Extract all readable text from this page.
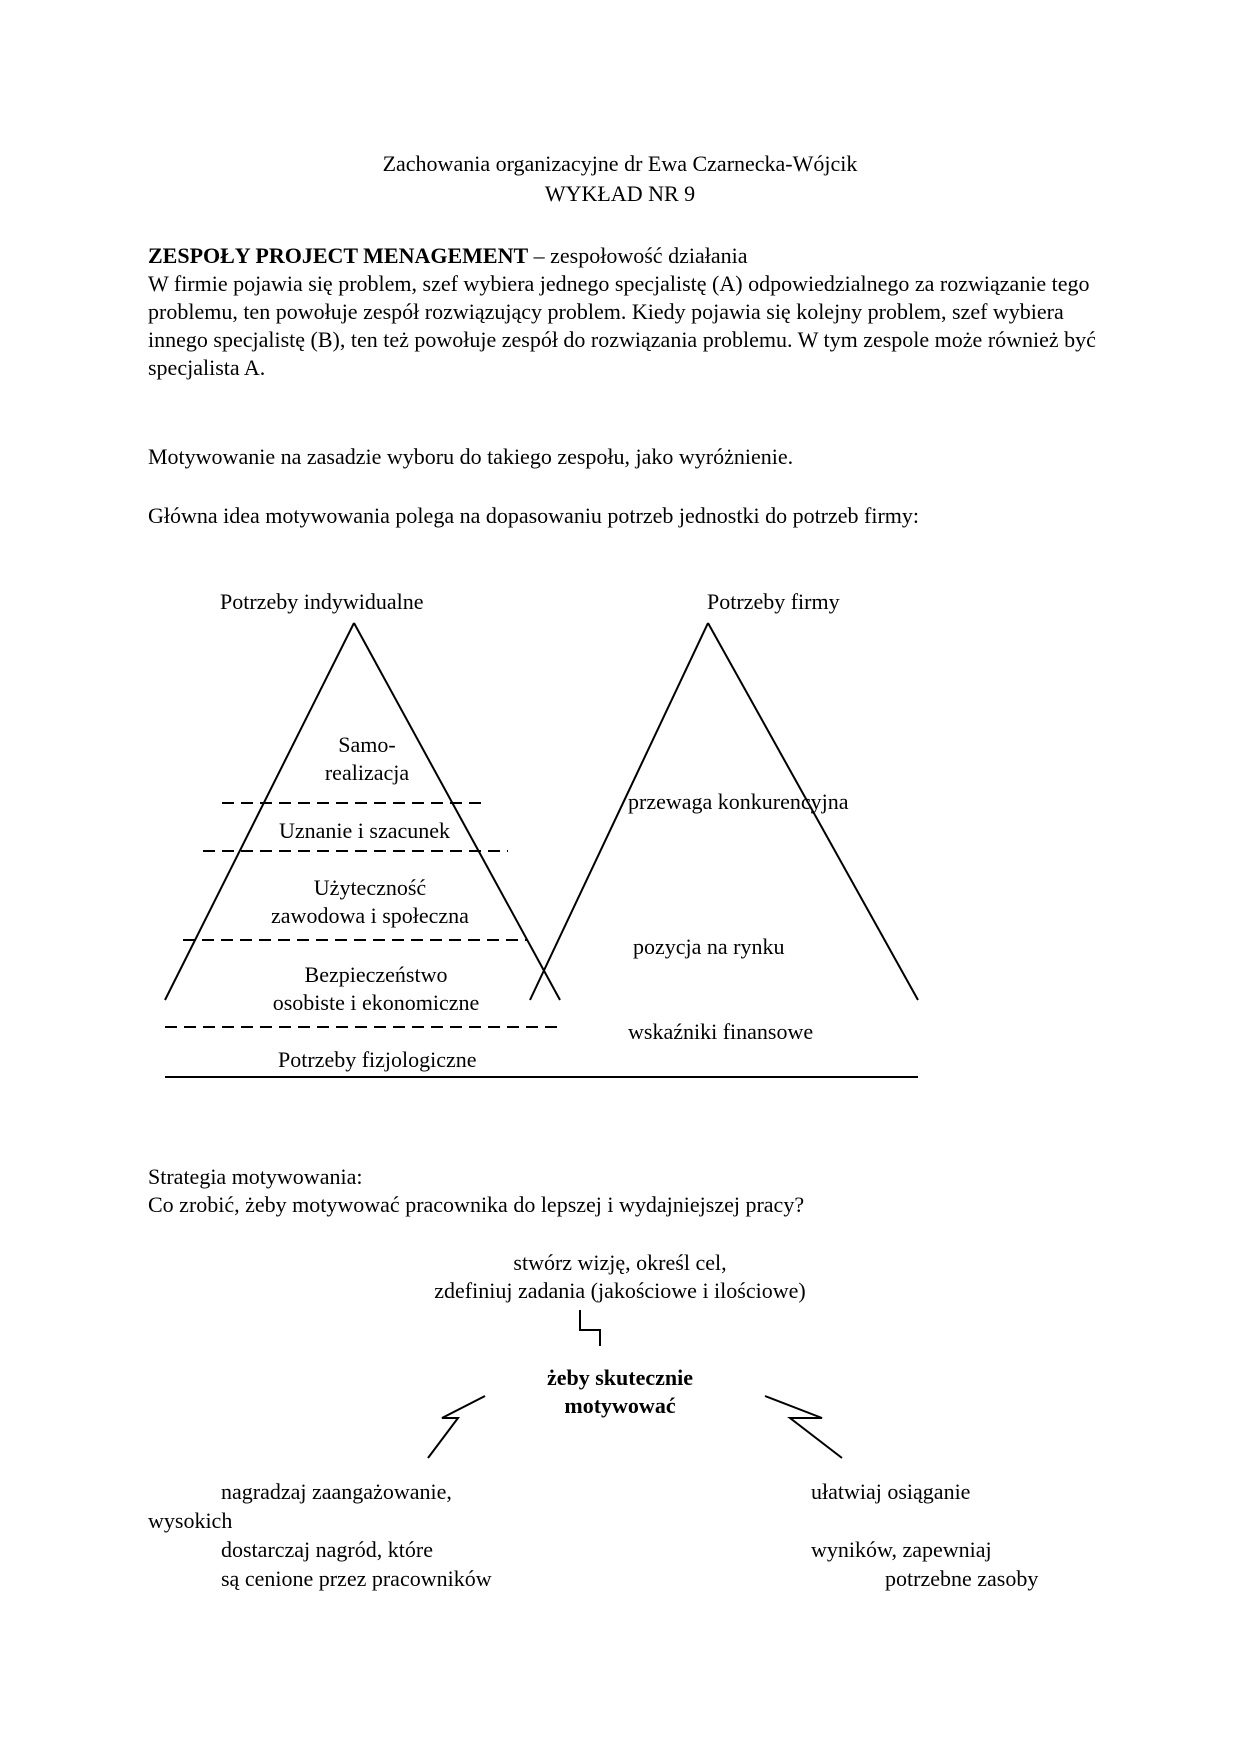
Zachowania organizacyjne dr Ewa Czarnecka-Wójcik
WYKŁAD NR 9
ZESPOŁY PROJECT MENAGEMENT – zespołowość działania
W firmie pojawia się problem, szef wybiera jednego specjalistę (A) odpowiedzialnego za rozwiązanie tego problemu, ten powołuje zespół rozwiązujący problem. Kiedy pojawia się kolejny problem, szef wybiera innego specjalistę (B), ten też powołuje zespół do rozwiązania problemu. W tym zespole może również być specjalista A.
Motywowanie na zasadzie wyboru do takiego zespołu, jako wyróżnienie.
Główna idea motywowania polega na dopasowaniu potrzeb jednostki do potrzeb firmy:
Potrzeby indywidualne	Potrzeby firmy
Samo-
realizacja
Uznanie i szacunek
Użyteczność
zawodowa i społeczna
Bezpieczeństwo
osobiste i ekonomiczne
Potrzeby fizjologiczne
przewaga konkurencyjna
pozycja na rynku
wskaźniki finansowe
Strategia motywowania:
Co zrobić, żeby motywować pracownika do lepszej i wydajniejszej pracy?
stwórz wizję, określ cel,
zdefiniuj zadania (jakościowe i ilościowe)
żeby skutecznie
motywować
nagradzaj zaangażowanie,
wysokich
dostarczaj nagród, które
są cenione przez pracowników
ułatwiaj osiąganie
wyników, zapewniaj
potrzebne zasoby
